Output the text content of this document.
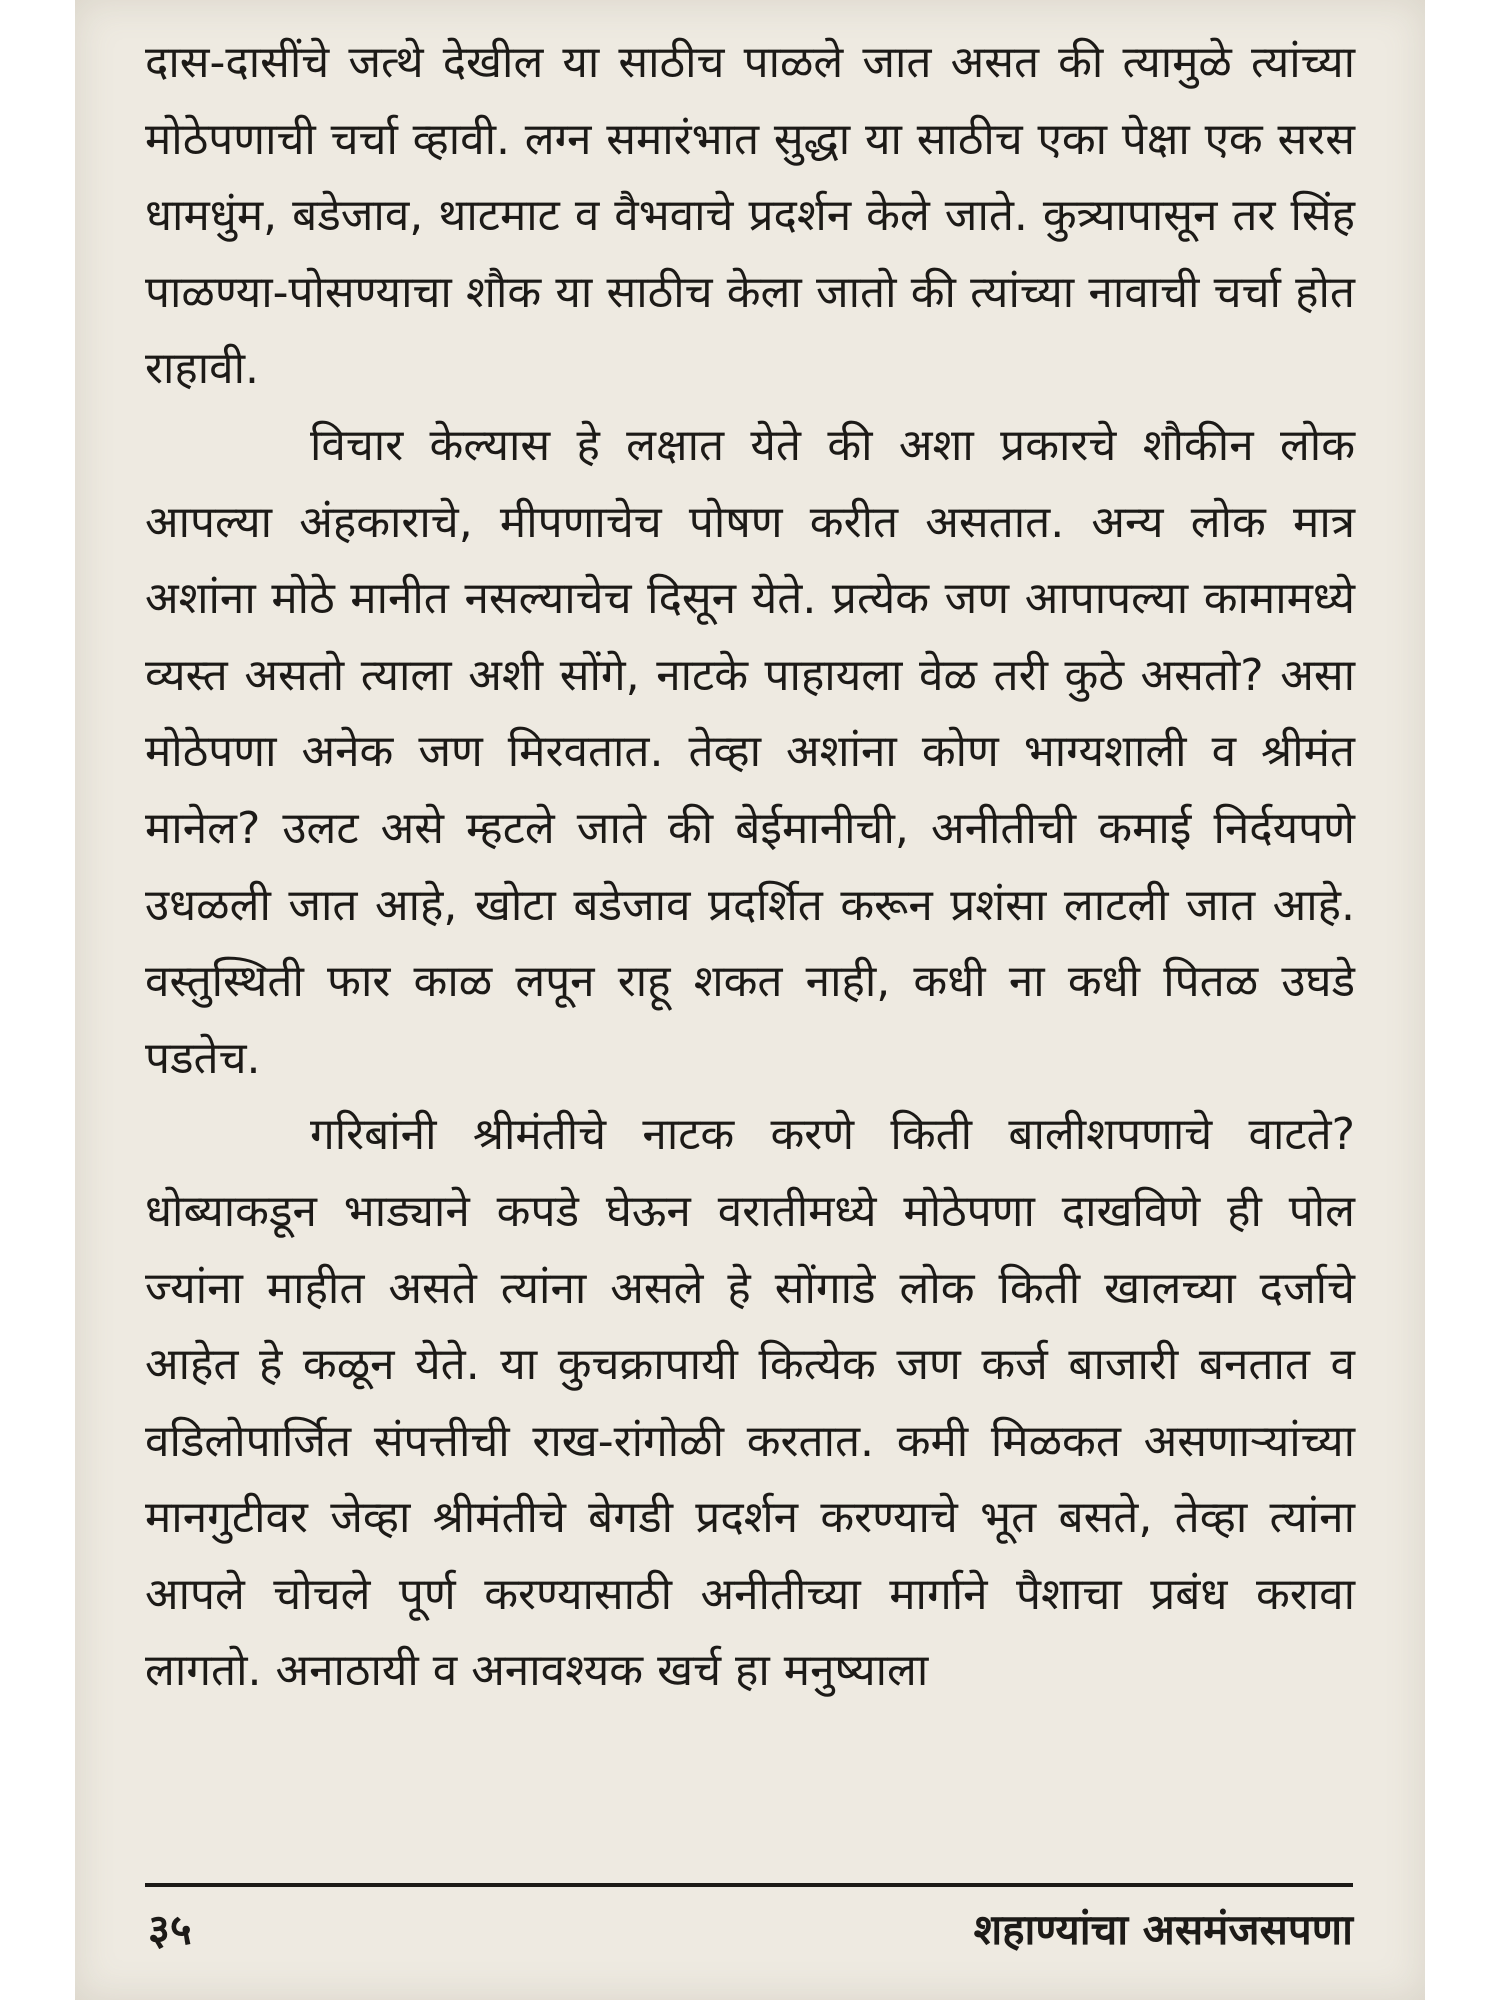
दास-दासींचे जत्थे देखील या साठीच पाळले जात असत की त्यामुळे त्यांच्या मोठेपणाची चर्चा व्हावी. लग्न समारंभात सुद्धा या साठीच एका पेक्षा एक सरस धामधुंम, बडेजाव, थाटमाट व वैभवाचे प्रदर्शन केले जाते. कुत्र्यापासून तर सिंह पाळण्या-पोसण्याचा शौक या साठीच केला जातो की त्यांच्या नावाची चर्चा होत राहावी.

विचार केल्यास हे लक्षात येते की अशा प्रकारचे शौकीन लोक आपल्या अंहकाराचे, मीपणाचेच पोषण करीत असतात. अन्य लोक मात्र अशांना मोठे मानीत नसल्याचेच दिसून येते. प्रत्येक जण आपापल्या कामामध्ये व्यस्त असतो त्याला अशी सोंगे, नाटके पाहायला वेळ तरी कुठे असतो? असा मोठेपणा अनेक जण मिरवतात. तेव्हा अशांना कोण भाग्यशाली व श्रीमंत मानेल? उलट असे म्हटले जाते की बेईमानीची, अनीतीची कमाई निर्दयपणे उधळली जात आहे, खोटा बडेजाव प्रदर्शित करून प्रशंसा लाटली जात आहे. वस्तुस्थिती फार काळ लपून राहू शकत नाही, कधी ना कधी पितळ उघडे पडतेच.

गरिबांनी श्रीमंतीचे नाटक करणे किती बालीशपणाचे वाटते? धोब्याकडून भाड्याने कपडे घेऊन वरातीमध्ये मोठेपणा दाखविणे ही पोल ज्यांना माहीत असते त्यांना असले हे सोंगाडे लोक किती खालच्या दर्जाचे आहेत हे कळून येते. या कुचक्रापायी कित्येक जण कर्ज बाजारी बनतात व वडिलोपार्जित संपत्तीची राख-रांगोळी करतात. कमी मिळकत असणाऱ्यांच्या मानगुटीवर जेव्हा श्रीमंतीचे बेगडी प्रदर्शन करण्याचे भूत बसते, तेव्हा त्यांना आपले चोचले पूर्ण करण्यासाठी अनीतीच्या मार्गाने पैशाचा प्रबंध करावा लागतो. अनाठायी व अनावश्यक खर्च हा मनुष्याला

३५	शहाण्यांचा असमंजसपणा
